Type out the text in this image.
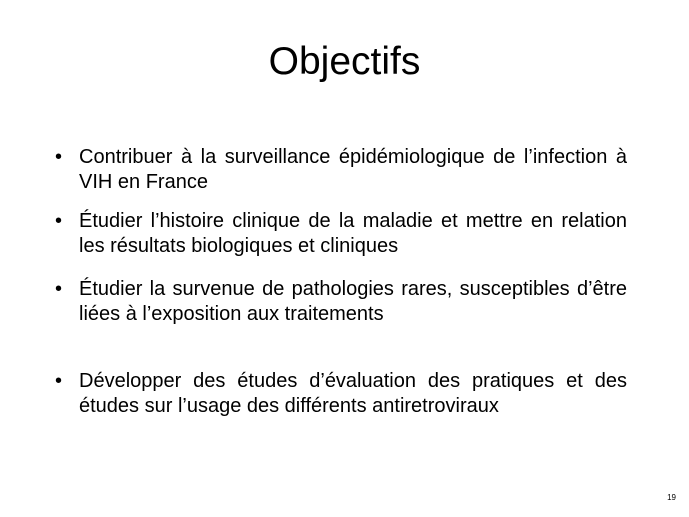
Objectifs
• Contribuer à la surveillance épidémiologique de l’infection à VIH en France
• Étudier l’histoire clinique de la maladie et mettre en relation les résultats biologiques et cliniques
• Étudier la survenue de pathologies rares, susceptibles d’être liées à l’exposition aux traitements
• Développer des études d’évaluation des pratiques et des études sur l’usage des différents antiretroviraux
19
